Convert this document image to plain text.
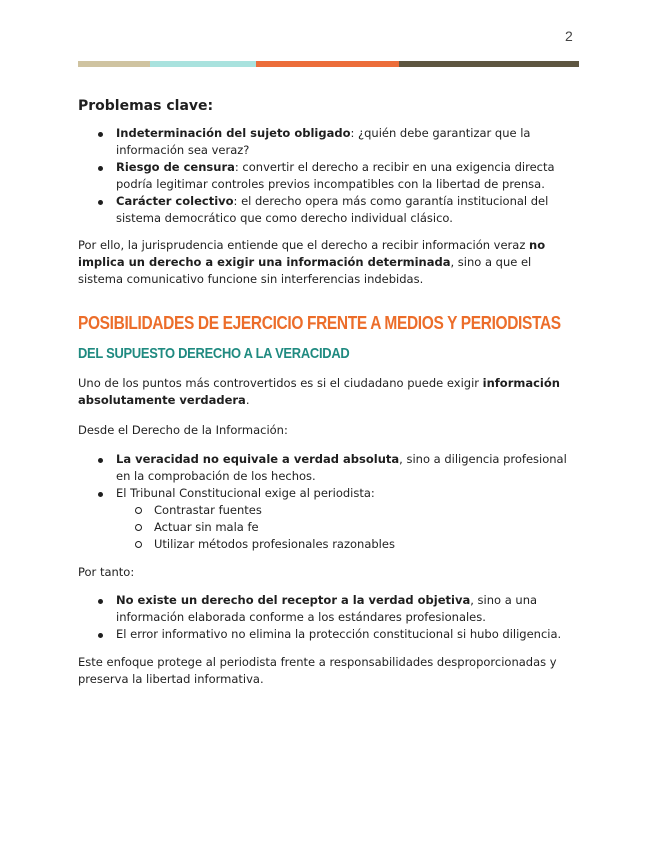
2
Problemas clave:
Indeterminación del sujeto obligado: ¿quién debe garantizar que la información sea veraz?
Riesgo de censura: convertir el derecho a recibir en una exigencia directa podría legitimar controles previos incompatibles con la libertad de prensa.
Carácter colectivo: el derecho opera más como garantía institucional del sistema democrático que como derecho individual clásico.

Por ello, la jurisprudencia entiende que el derecho a recibir información veraz no implica un derecho a exigir una información determinada, sino a que el sistema comunicativo funcione sin interferencias indebidas.

POSIBILIDADES DE EJERCICIO FRENTE A MEDIOS Y PERIODISTAS
DEL SUPUESTO DERECHO A LA VERACIDAD

Uno de los puntos más controvertidos es si el ciudadano puede exigir información absolutamente verdadera.

Desde el Derecho de la Información:

La veracidad no equivale a verdad absoluta, sino a diligencia profesional en la comprobación de los hechos.
El Tribunal Constitucional exige al periodista:
Contrastar fuentes
Actuar sin mala fe
Utilizar métodos profesionales razonables

Por tanto:

No existe un derecho del receptor a la verdad objetiva, sino a una información elaborada conforme a los estándares profesionales.
El error informativo no elimina la protección constitucional si hubo diligencia.

Este enfoque protege al periodista frente a responsabilidades desproporcionadas y preserva la libertad informativa.
